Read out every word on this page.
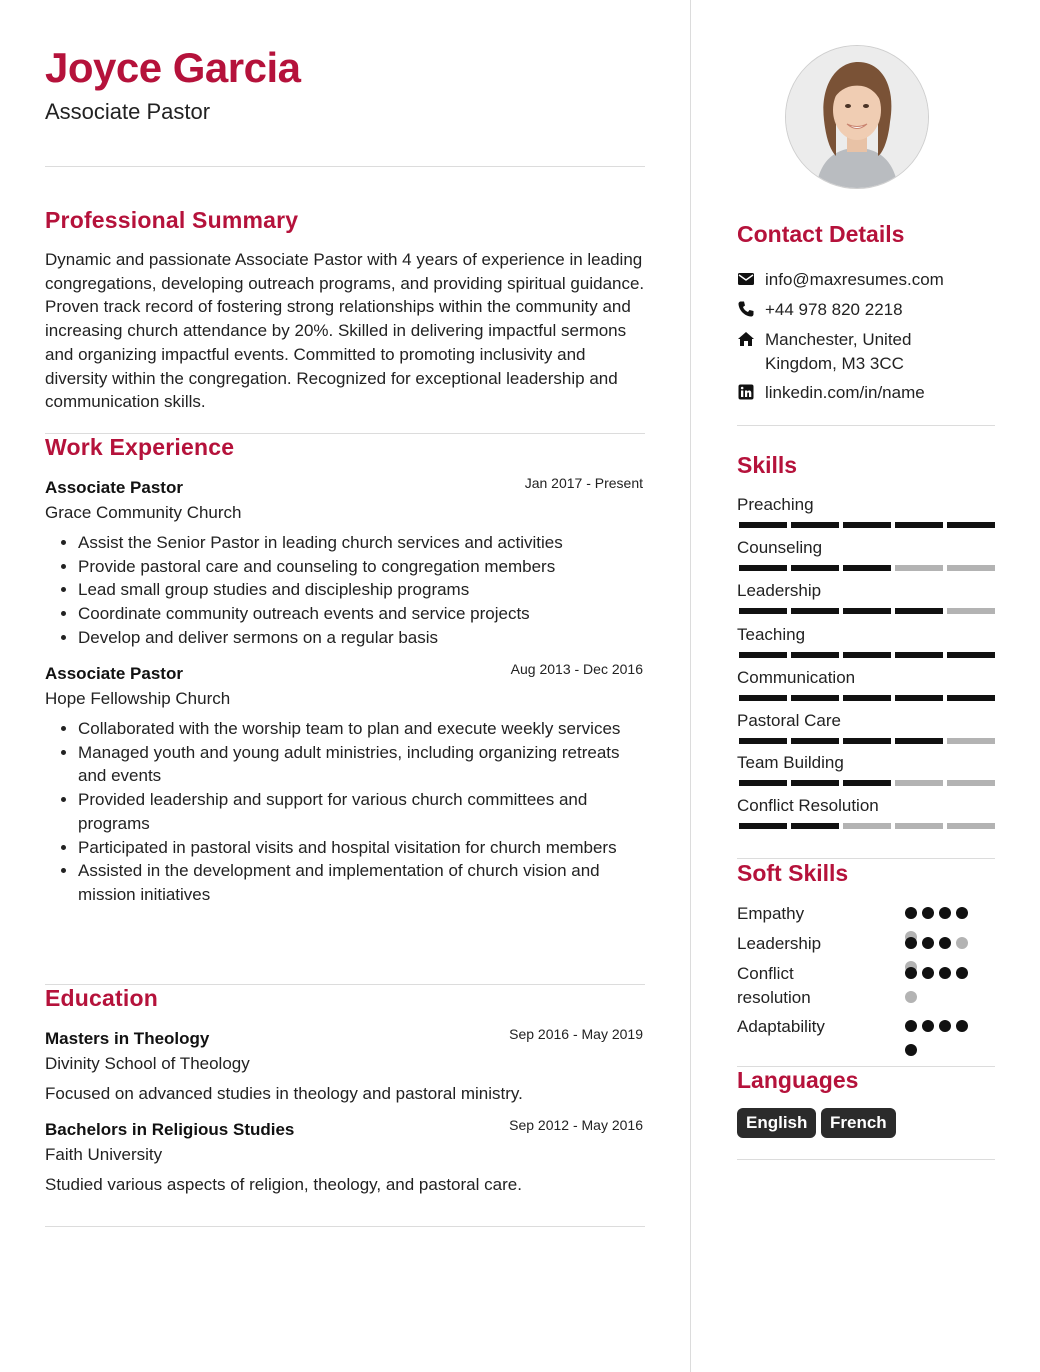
Joyce Garcia
Associate Pastor
Professional Summary
Dynamic and passionate Associate Pastor with 4 years of experience in leading congregations, developing outreach programs, and providing spiritual guidance. Proven track record of fostering strong relationships within the community and increasing church attendance by 20%. Skilled in delivering impactful sermons and organizing impactful events. Committed to promoting inclusivity and diversity within the congregation. Recognized for exceptional leadership and communication skills.
Work Experience
Associate Pastor	Jan 2017 - Present
Grace Community Church
• Assist the Senior Pastor in leading church services and activities
• Provide pastoral care and counseling to congregation members
• Lead small group studies and discipleship programs
• Coordinate community outreach events and service projects
• Develop and deliver sermons on a regular basis
Associate Pastor	Aug 2013 - Dec 2016
Hope Fellowship Church
• Collaborated with the worship team to plan and execute weekly services
• Managed youth and young adult ministries, including organizing retreats and events
• Provided leadership and support for various church committees and programs
• Participated in pastoral visits and hospital visitation for church members
• Assisted in the development and implementation of church vision and mission initiatives
Education
Masters in Theology	Sep 2016 - May 2019
Divinity School of Theology
Focused on advanced studies in theology and pastoral ministry.
Bachelors in Religious Studies	Sep 2012 - May 2016
Faith University
Studied various aspects of religion, theology, and pastoral care.
Contact Details
info@maxresumes.com
+44 978 820 2218
Manchester, United
Kingdom, M3 3CC
linkedin.com/in/name
Skills
Preaching
Counseling
Leadership
Teaching
Communication
Pastoral Care
Team Building
Conflict Resolution
Soft Skills
Empathy
Leadership
Conflict
resolution
Adaptability
Languages
English	French
